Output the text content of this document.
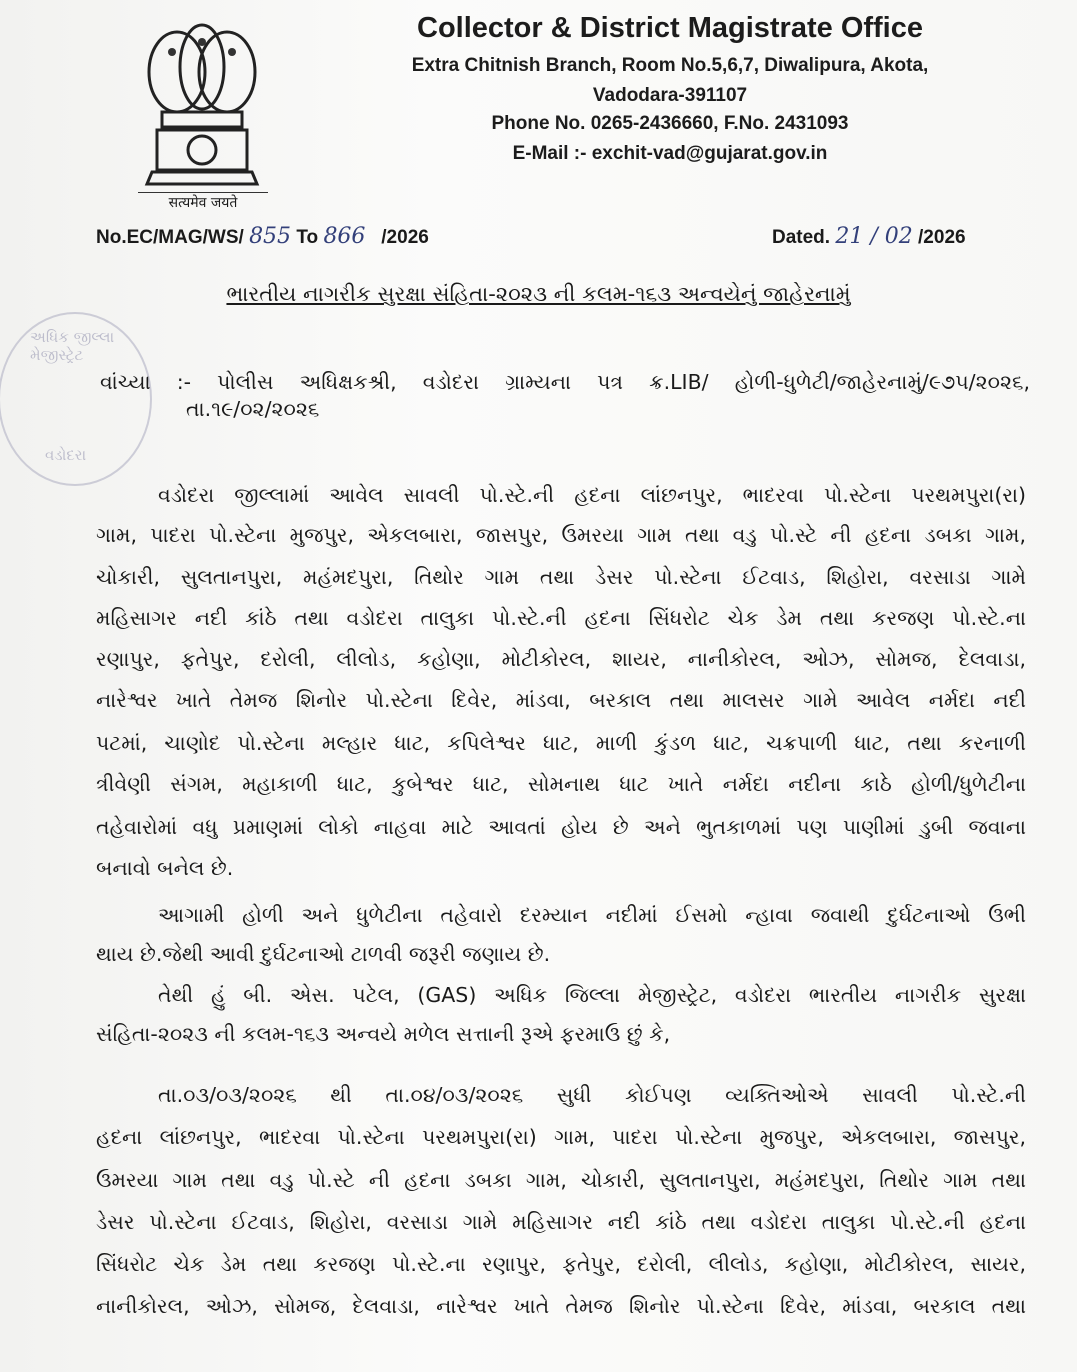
सत्यमेव जयते
Collector & District Magistrate Office
Extra Chitnish Branch, Room No.5,6,7, Diwalipura, Akota,
Vadodara-391107
Phone No. 0265-2436660, F.No. 2431093
E-Mail :- exchit-vad@gujarat.gov.in
No.EC/MAG/WS/ 855 To 866 /2026	Dated. 21 / 02 /2026
ભારતીય નાગરીક સુરક્ષા સંહિતા-૨૦૨૩ ની કલમ-૧૬૩ અન્વયેનું જાહેરનામું
અધિક જીલ્લા મેજીસ્ટ્રેટ
વડોદરા
વાંચ્યા :- પોલીસ અધિક્ષકશ્રી, વડોદરા ગ્રામ્યના પત્ર ક્ર.LIB/ હોળી-ધુળેટી/જાહેરનામું/૯૭૫/૨૦૨૬,
તા.૧૯/૦૨/૨૦૨૬
વડોદરા જીલ્લામાં આવેલ સાવલી પો.સ્ટે.ની હદના લાંછનપુર, ભાદરવા પો.સ્ટેના પરથમપુરા(રા)
ગામ, પાદરા પો.સ્ટેના મુજપુર, એકલબારા, જાસપુર, ઉમરયા ગામ તથા વડુ પો.સ્ટે ની હદના ડબકા ગામ,
ચોકારી, સુલતાનપુરા, મહંમદપુરા, તિથોર ગામ તથા ડેસર પો.સ્ટેના ઈટવાડ, શિહોરા, વરસાડા ગામે
મહિસાગર નદી કાંઠે તથા વડોદરા તાલુકા પો.સ્ટે.ની હદના સિંધરોટ ચેક ડેમ તથા કરજણ પો.સ્ટે.ના
રણાપુર, ફતેપુર, દરોલી, લીલોડ, કહોણા, મોટીકોરલ, શાયર, નાનીકોરલ, ઓઝ, સોમજ, દેલવાડા,
નારેશ્વર ખાતે તેમજ શિનોર પો.સ્ટેના દિવેર, માંડવા, બરકાલ તથા માલસર ગામે આવેલ નર્મદા નદી
પટમાં, ચાણોદ પો.સ્ટેના મલ્હાર ધાટ, કપિલેશ્વર ધાટ, માળી કુંડળ ધાટ, ચક્રપાળી ધાટ, તથા કરનાળી
ત્રીવેણી સંગમ, મહાકાળી ધાટ, કુબેશ્વર ધાટ, સોમનાથ ધાટ ખાતે નર્મદા નદીના કાઠે હોળી/ધુળેટીના
તહેવારોમાં વધુ પ્રમાણમાં લોકો નાહવા માટે આવતાં હોય છે અને ભુતકાળમાં પણ પાણીમાં ડુબી જવાના
બનાવો બનેલ છે.
આગામી હોળી અને ધુળેટીના તહેવારો દરમ્યાન નદીમાં ઈસમો ન્હાવા જવાથી દુર્ઘટનાઓ ઉભી
થાય છે.જેથી આવી દુર્ઘટનાઓ ટાળવી જરૂરી જણાય છે.
તેથી હું બી. એસ. પટેલ, (GAS) અધિક જિલ્લા મેજીસ્ટ્રેટ, વડોદરા ભારતીય નાગરીક સુરક્ષા
સંહિતા-૨૦૨૩ ની કલમ-૧૬૩ અન્વયે મળેલ સત્તાની રૂએ ફરમાઉ છું કે,
તા.૦૩/૦૩/૨૦૨૬ થી તા.૦૪/૦૩/૨૦૨૬ સુધી કોઈપણ વ્યક્તિઓએ સાવલી પો.સ્ટે.ની
હદના લાંછનપુર, ભાદરવા પો.સ્ટેના પરથમપુરા(રા) ગામ, પાદરા પો.સ્ટેના મુજપુર, એકલબારા, જાસપુર,
ઉમરયા ગામ તથા વડુ પો.સ્ટે ની હદના ડબકા ગામ, ચોકારી, સુલતાનપુરા, મહંમદપુરા, તિથોર ગામ તથા
ડેસર પો.સ્ટેના ઈટવાડ, શિહોરા, વરસાડા ગામે મહિસાગર નદી કાંઠે તથા વડોદરા તાલુકા પો.સ્ટે.ની હદના
સિંધરોટ ચેક ડેમ તથા કરજણ પો.સ્ટે.ના રણાપુર, ફતેપુર, દરોલી, લીલોડ, કહોણા, મોટીકોરલ, સાયર,
નાનીકોરલ, ઓઝ, સોમજ, દેલવાડા, નારેશ્વર ખાતે તેમજ શિનોર પો.સ્ટેના દિવેર, માંડવા, બરકાલ તથા
